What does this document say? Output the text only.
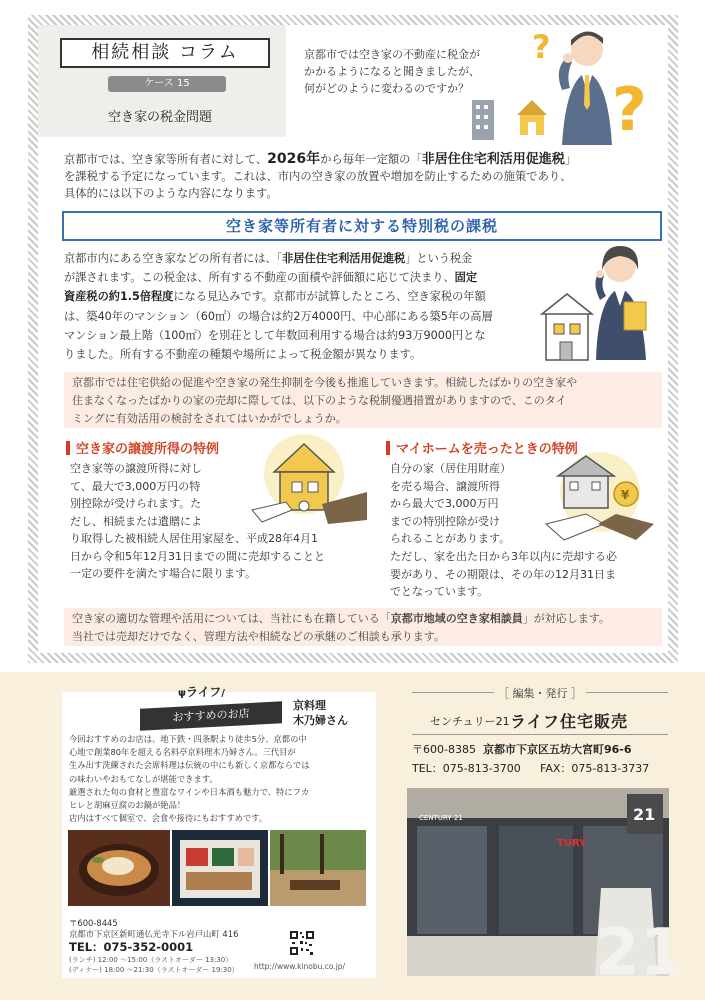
相続相談 コラム
ケース 15
空き家の税金問題
京都市では空き家の不動産に税金が
かかるようになると聞きましたが、
何がどのように変わるのですか？
?
?
京都市では、空き家等所有者に対して、2026年から毎年一定額の「非居住住宅利活用促進税」
を課税する予定になっています。これは、市内の空き家の放置や増加を防止するための施策であり、
具体的には以下のような内容になります。
空き家等所有者に対する特別税の課税
京都市内にある空き家などの所有者には、「非居住住宅利活用促進税」という税金
が課されます。この税金は、所有する不動産の面積や評価額に応じて決まり、固定
資産税の約1.5倍程度になる見込みです。京都市が試算したところ、空き家税の年額
は、築40年のマンション（60㎡）の場合は約2万4000円、中心部にある築5年の高層
マンション最上階（100㎡）を別荘として年数回利用する場合は約93万9000円とな
りました。所有する不動産の種類や場所によって税金額が異なります。
京都市では住宅供給の促進や空き家の発生抑制を今後も推進していきます。相続したばかりの空き家や
住まなくなったばかりの家の売却に際しては、以下のような税制優遇措置がありますので、このタイ
ミングに有効活用の検討をされてはいかがでしょうか。
空き家の譲渡所得の特例
空き家等の譲渡所得に対し
て、最大で3,000万円の特
別控除が受けられます。た
だし、相続または遺贈によ
り取得した被相続人居住用家屋を、平成28年4月1
日から令和5年12月31日までの間に売却することと
一定の要件を満たす場合に限ります。
マイホームを売ったときの特例
自分の家（居住用財産）
を売る場合、譲渡所得
から最大で3,000万円
までの特別控除が受け
られることがあります。
ただし、家を出た日から3年以内に売却する必
要があり、その期限は、その年の12月31日ま
でとなっています。
¥
空き家の適切な管理や活用については、当社にも在籍している「京都市地域の空き家相談員」が対応します。
当社では売却だけでなく、管理方法や相続などの承継のご相談も承ります。
おすすめのお店
ψライフ/
京料理
木乃婦さん
今回おすすめのお店は、地下鉄・四条駅より徒歩5分、京都の中
心地で創業80年を超える名料亭京料理木乃婦さん。三代目が
生み出す洗練された会席料理は伝統の中にも新しく京都ならでは
の味わいやおもてなしが堪能できます。
厳選された旬の食材と豊富なワインや日本酒も魅力で、特にフカ
ヒレと胡麻豆腐のお鍋が絶品！
店内はすべて個室で、会食や接待にもおすすめです。
〒600-8445
京都市下京区新町通仏光寺下ル岩戸山町 416
TEL：075-352-0001
(ランチ) 12:00 ～15:00（ラストオーダー 13:30）
(ディナー) 18:00 ～21:30（ラストオーダー 19:30） http://www.kinobu.co.jp/
［ 編集・発行 ］
センチュリー21 ライフ住宅販売
〒600-8385 京都市下京区五坊大宮町96-6
TEL：075-813-3700 FAX：075-813-3737
21
CENTURY 21
TURY
21
